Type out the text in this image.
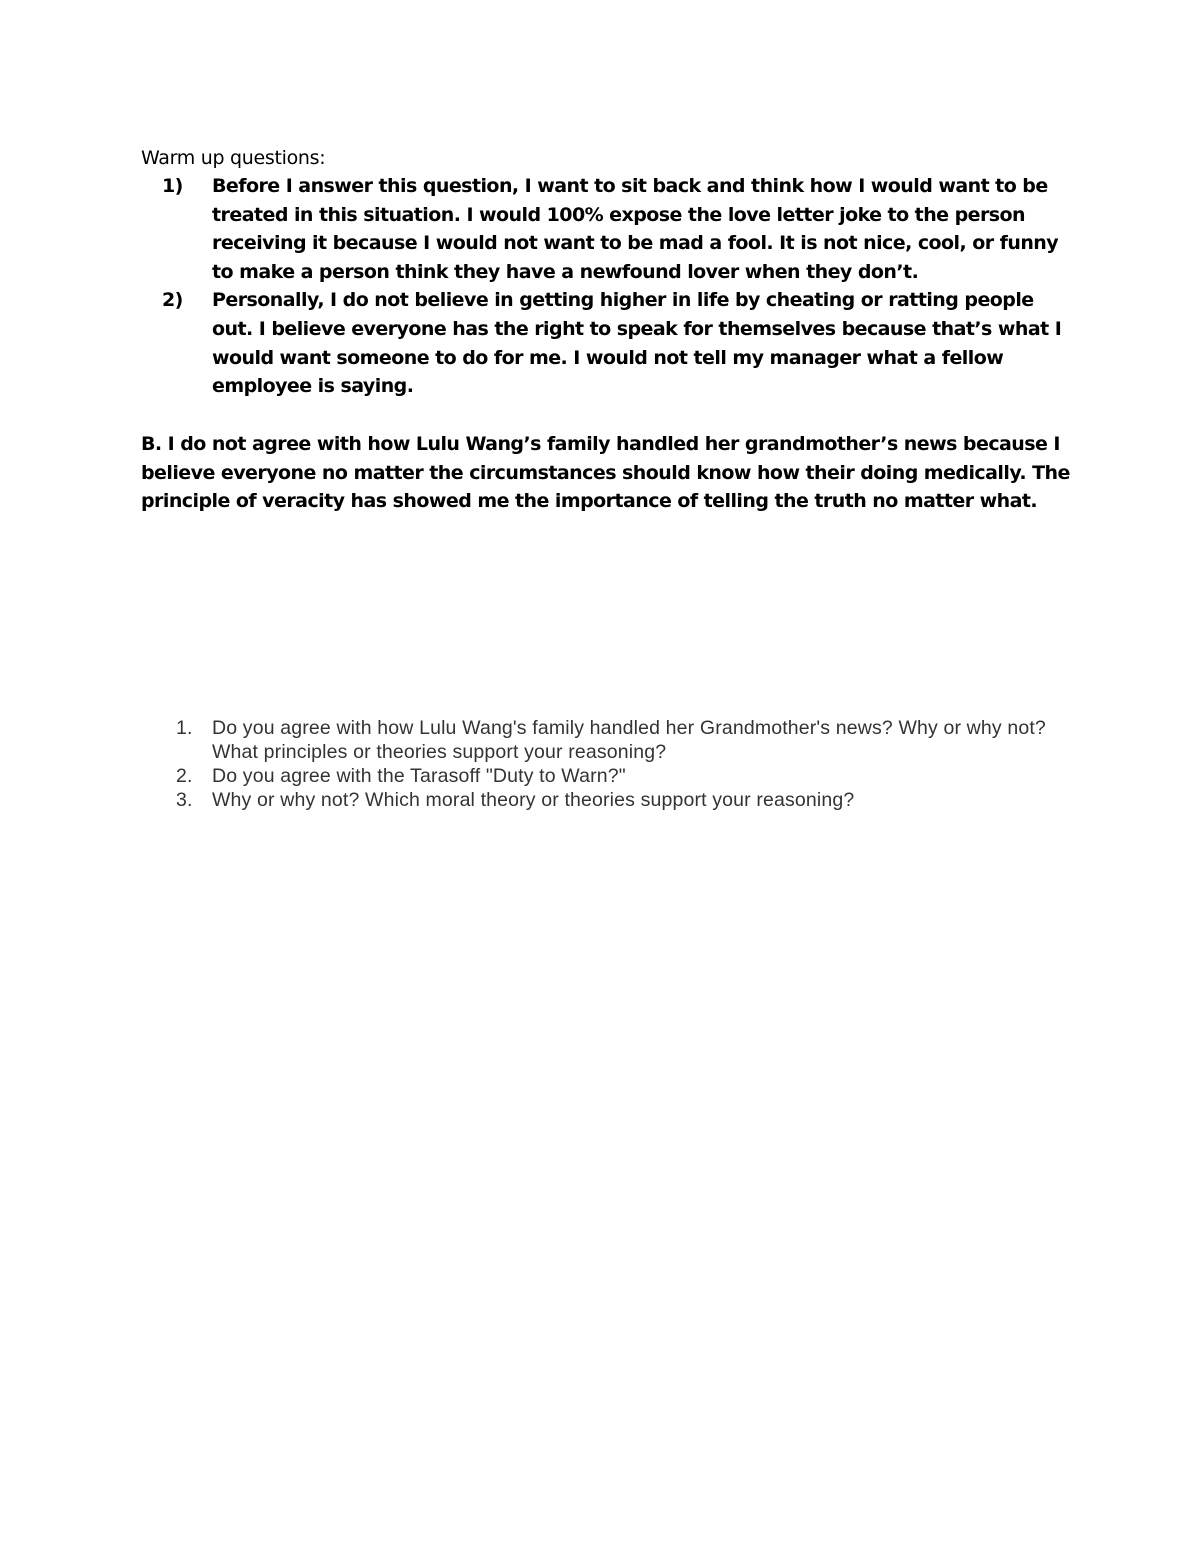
Warm up questions:
1) Before I answer this question, I want to sit back and think how I would want to be treated in this situation. I would 100% expose the love letter joke to the person receiving it because I would not want to be mad a fool. It is not nice, cool, or funny to make a person think they have a newfound lover when they don’t.
2) Personally, I do not believe in getting higher in life by cheating or ratting people out. I believe everyone has the right to speak for themselves because that’s what I would want someone to do for me. I would not tell my manager what a fellow employee is saying.

B. I do not agree with how Lulu Wang’s family handled her grandmother’s news because I believe everyone no matter the circumstances should know how their doing medically. The principle of veracity has showed me the importance of telling the truth no matter what.

1. Do you agree with how Lulu Wang's family handled her Grandmother's news? Why or why not? What principles or theories support your reasoning?
2. Do you agree with the Tarasoff "Duty to Warn?"
3. Why or why not? Which moral theory or theories support your reasoning?
